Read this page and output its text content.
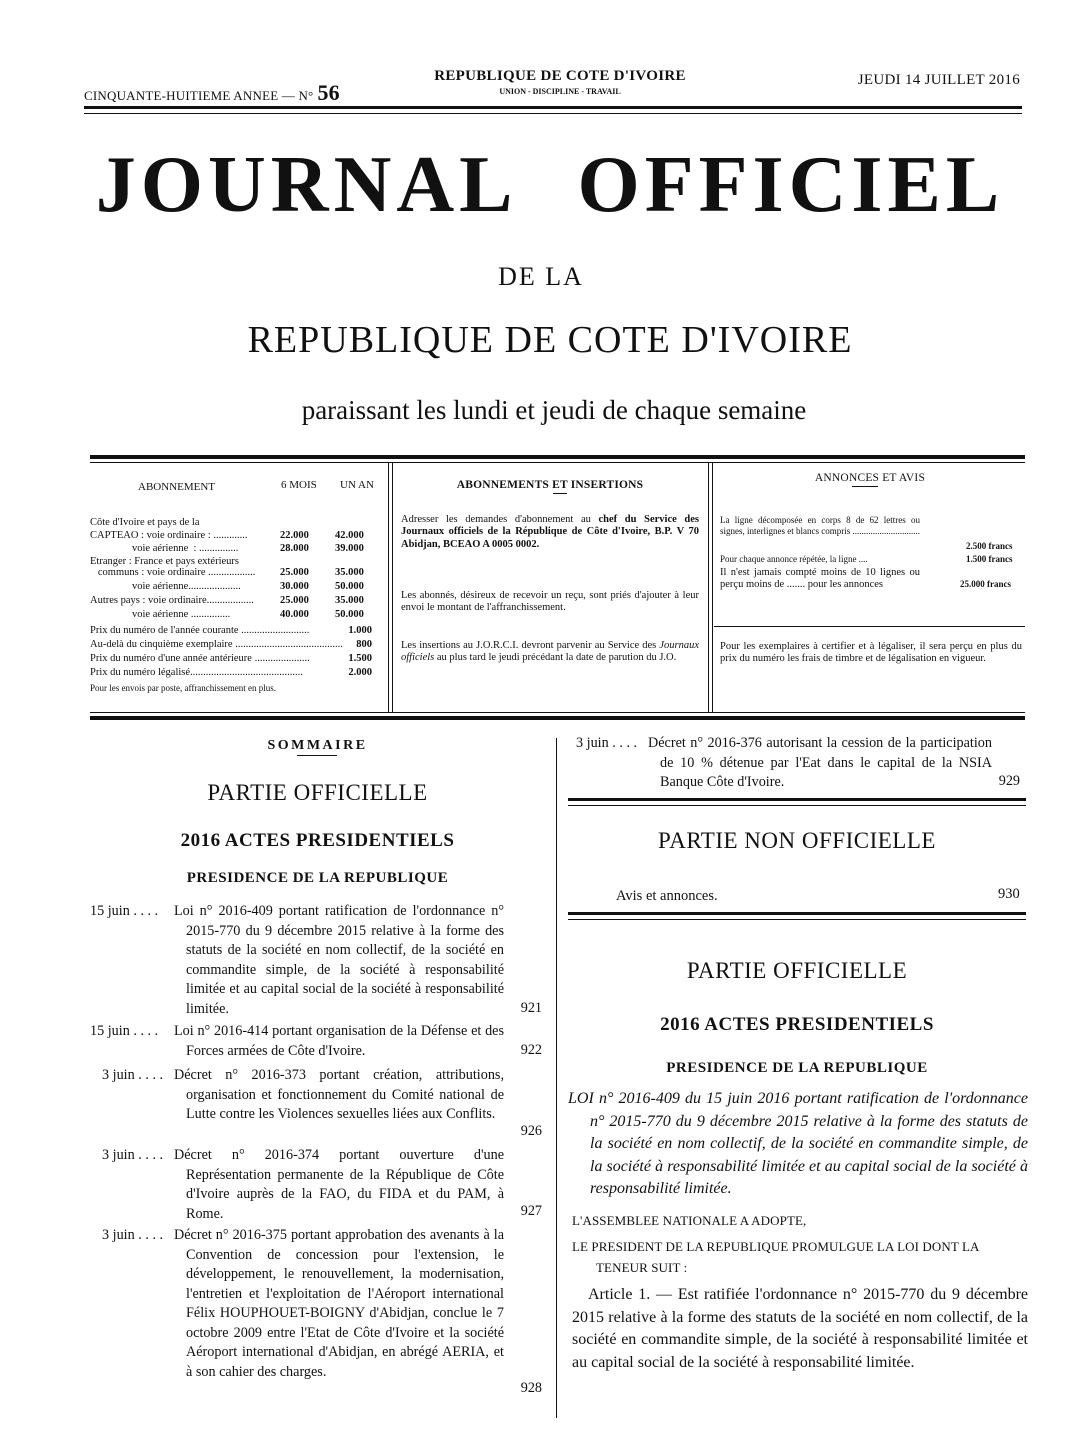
CINQUANTE-HUITIEME ANNEE — N° 56
REPUBLIQUE DE COTE D'IVOIRE
UNION - DISCIPLINE - TRAVAIL
JEUDI 14 JUILLET 2016
JOURNAL OFFICIEL
DE LA
REPUBLIQUE DE COTE D'IVOIRE
paraissant les lundi et jeudi de chaque semaine
ABONNEMENT	6 MOIS UN AN
Côte d'Ivoire et pays de la
CAPTEAO : voie ordinaire : .............	22.000 42.000
voie aérienne  : ...............	28.000 39.000
Etranger : France et pays extérieurs
communs : voie ordinaire .................. 25.000 35.000
voie aérienne....................	30.000 50.000
Autres pays : voie ordinaire.................. 25.000 35.000
voie aérienne ...............	40.000 50.000
Prix du numéro de l'année courante ..........................	1.000
Au-delà du cinquième exemplaire ......................................... 800
Prix du numéro d'une année antérieure .....................	1.500
Prix du numéro légalisé...........................................	2.000
Pour les envois par poste, affranchissement en plus.
ABONNEMENTS ET INSERTIONS
Adresser les demandes d'abonnement au chef du Service des Journaux officiels de la République de Côte d'Ivoire, B.P. V 70 Abidjan, BCEAO A 0005 0002.
Les abonnés, désireux de recevoir un reçu, sont priés d'ajouter à leur envoi le montant de l'affranchissement.
Les insertions au J.O.R.C.I. devront parvenir au Service des Journaux officiels au plus tard le jeudi précédant la date de parution du J.O.
ANNONCES ET AVIS
La ligne décomposée en corps 8 de 62 lettres ou signes, interlignes et blancs compris ..............................
2.500 francs
Pour chaque annonce répétée, la ligne ....	1.500 francs
Il n'est jamais compté moins de 10 lignes ou perçu moins de ....... pour les annonces	25.000 francs
Pour les exemplaires à certifier et à légaliser, il sera perçu en plus du prix du numéro les frais de timbre et de légalisation en vigueur.
SOMMAIRE
PARTIE OFFICIELLE
2016 ACTES PRESIDENTIELS
PRESIDENCE DE LA REPUBLIQUE
15 juin . . . . Loi n° 2016-409 portant ratification de l'ordonnance n° 2015-770 du 9 décembre 2015 relative à la forme des statuts de la société en nom collectif, de la société en commandite simple, de la société à responsabilité limitée et au capital social de la société à responsabilité limitée.	921
15 juin . . . . Loi n° 2016-414 portant organisation de la Défense et des Forces armées de Côte d'Ivoire.	922
3 juin . . . . Décret n° 2016-373 portant création, attributions, organisation et fonctionnement du Comité national de Lutte contre les Violences sexuelles liées aux Conflits.
926
3 juin . . . . Décret n° 2016-374 portant ouverture d'une Représentation permanente de la République de Côte d'Ivoire auprès de la FAO, du FIDA et du PAM, à Rome.	927
3 juin . . . . Décret n° 2016-375 portant approbation des avenants à la Convention de concession pour l'extension, le développement, le renouvellement, la modernisation, l'entretien et l'exploitation de l'Aéroport international Félix HOUPHOUET-BOIGNY d'Abidjan, conclue le 7 octobre 2009 entre l'Etat de Côte d'Ivoire et la société Aéroport international d'Abidjan, en abrégé AERIA, et à son cahier des charges.
928
3 juin . . . . Décret n° 2016-376 autorisant la cession de la participation de 10 % détenue par l'Eat dans le capital de la NSIA Banque Côte d'Ivoire.	929
PARTIE NON OFFICIELLE
Avis et annonces.	930
PARTIE OFFICIELLE
2016 ACTES PRESIDENTIELS
PRESIDENCE DE LA REPUBLIQUE
LOI n° 2016-409 du 15 juin 2016 portant ratification de l'ordonnance n° 2015-770 du 9 décembre 2015 relative à la forme des statuts de la société en nom collectif, de la société en commandite simple, de la société à responsabilité limitée et au capital social de la société à responsabilité limitée.
L'ASSEMBLEE NATIONALE A ADOPTE,
LE PRESIDENT DE LA REPUBLIQUE PROMULGUE LA LOI DONT LA TENEUR SUIT :
Article 1. — Est ratifiée l'ordonnance n° 2015-770 du 9 décembre 2015 relative à la forme des statuts de la société en nom collectif, de la société en commandite simple, de la société à responsabilité limitée et au capital social de la société à responsabilité limitée.
